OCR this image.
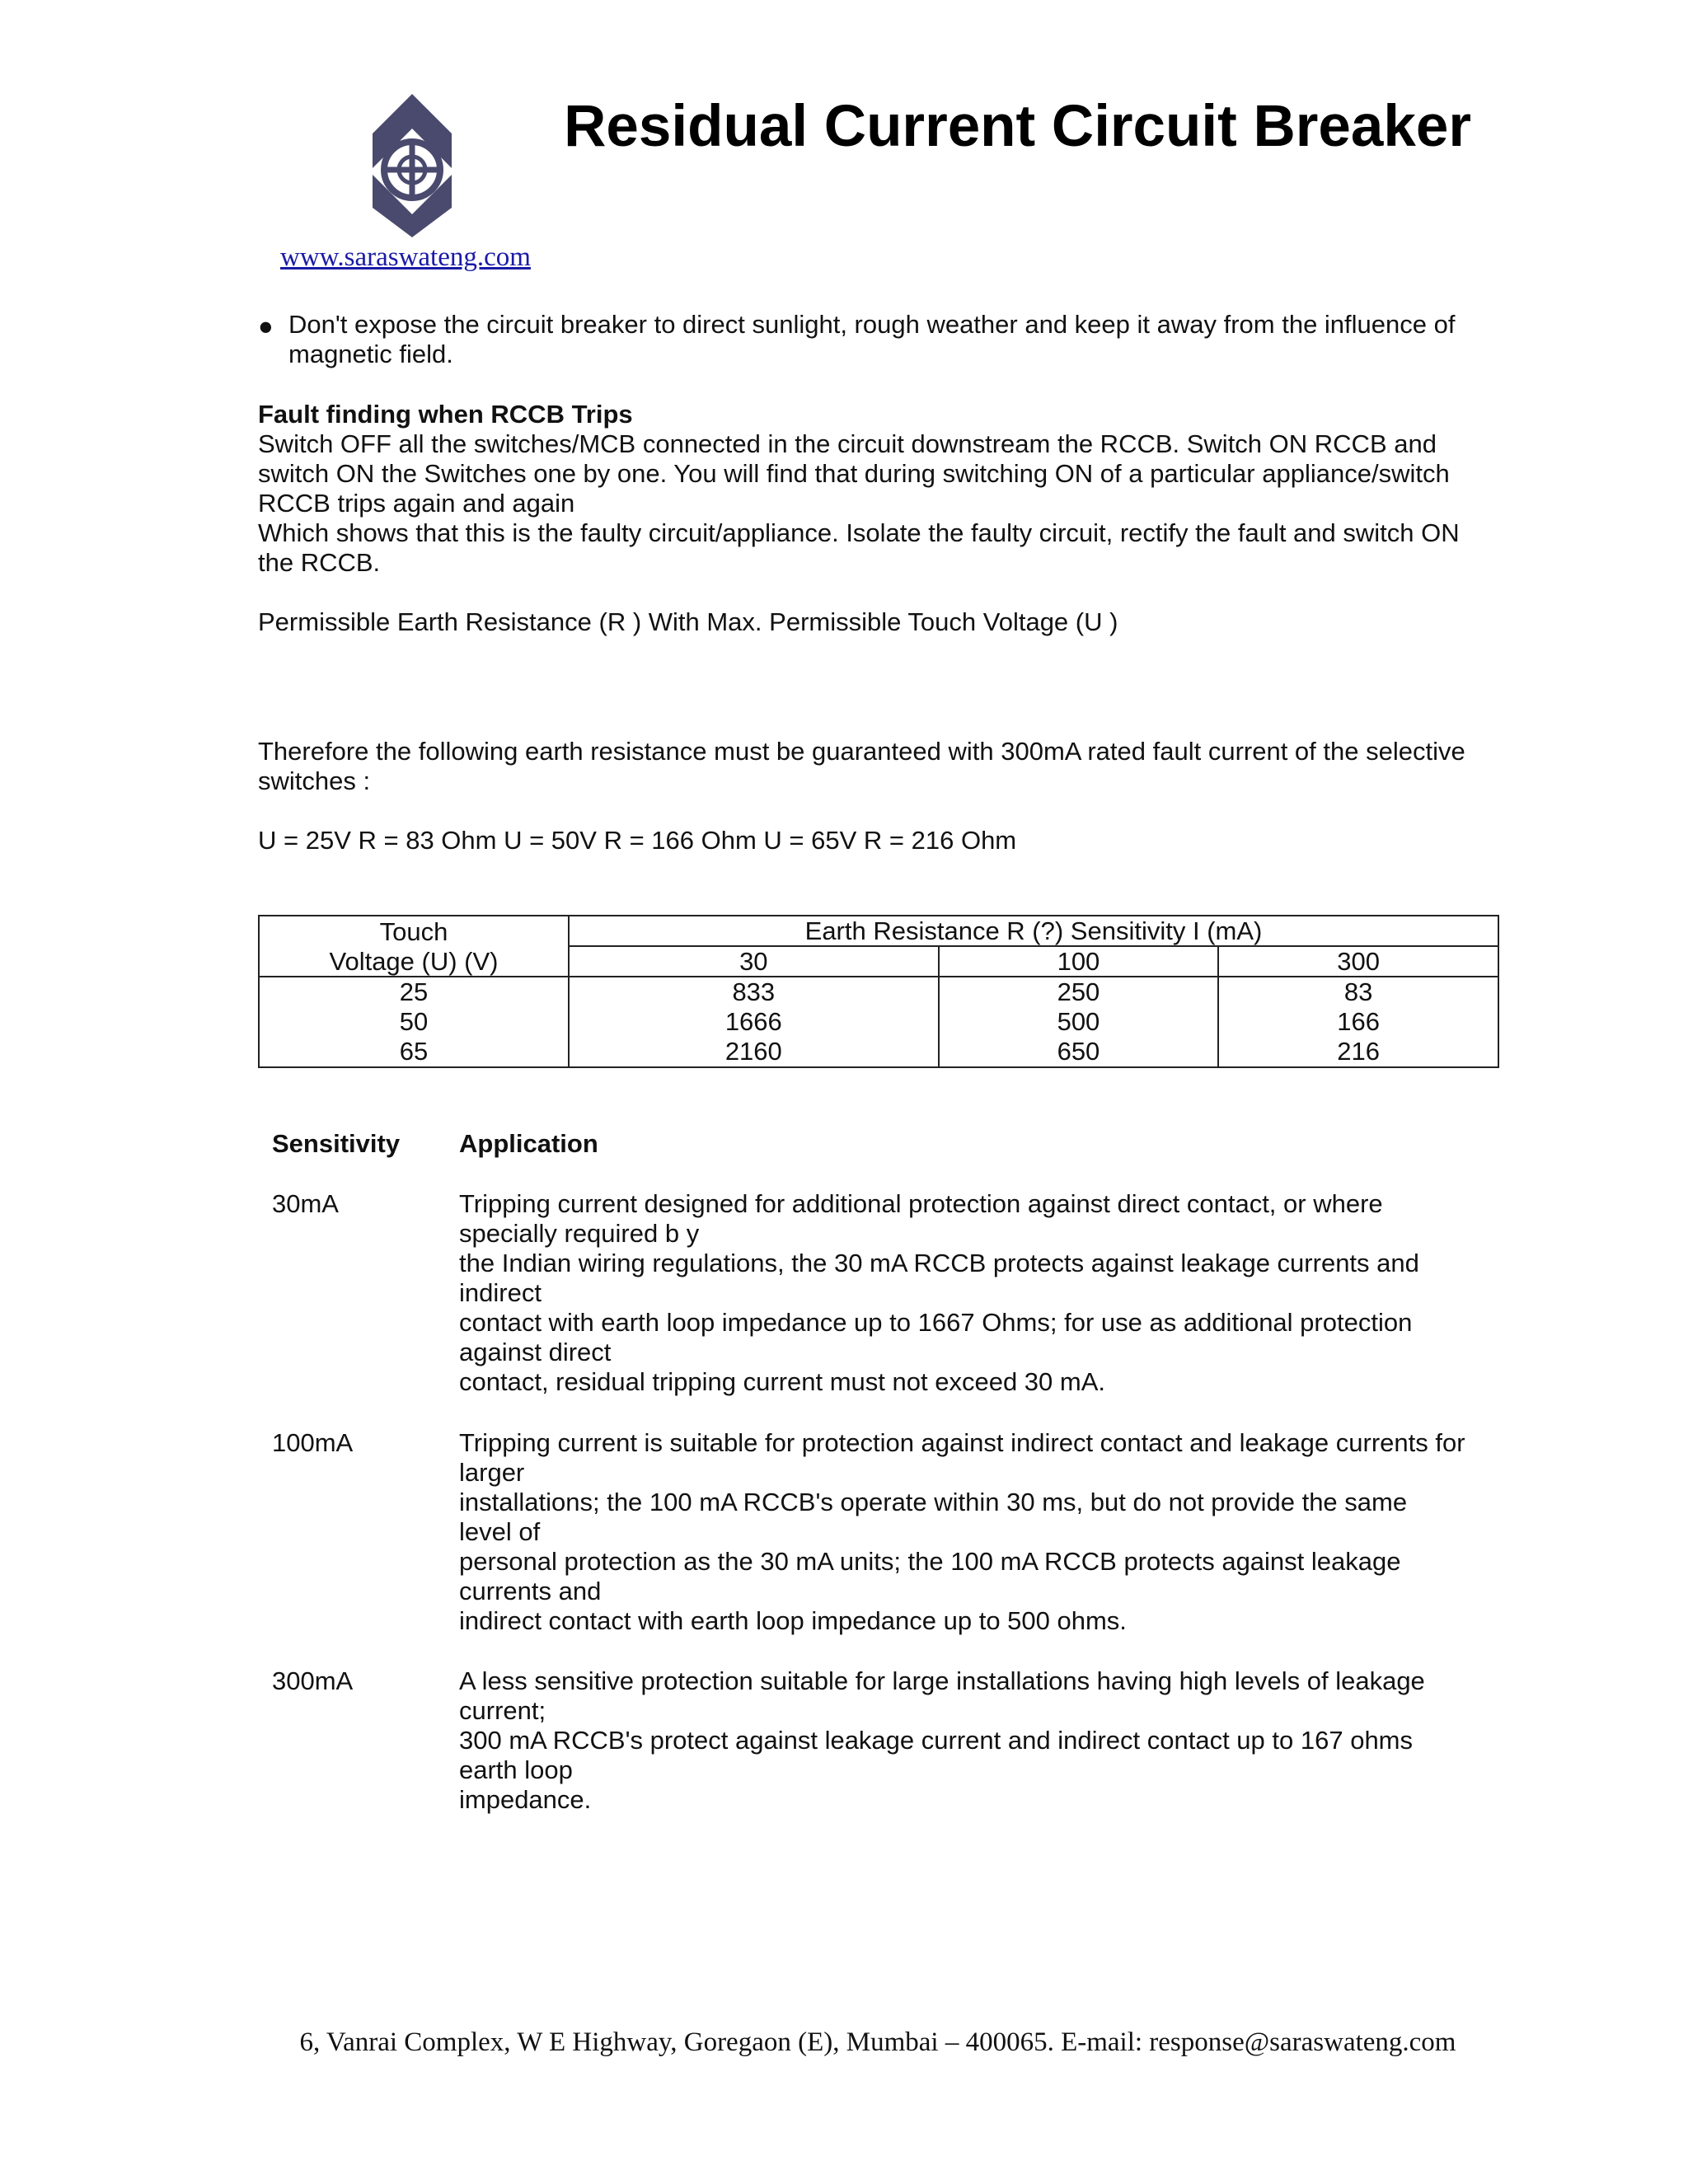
Residual Current Circuit Breaker
www.saraswateng.com
● Don't expose the circuit breaker to direct sunlight, rough weather and keep it away from the influence of
magnetic field.
Fault finding when RCCB Trips
Switch OFF all the switches/MCB connected in the circuit downstream the RCCB. Switch ON RCCB and
switch ON the Switches one by one. You will find that during switching ON of a particular appliance/switch
RCCB trips again and again
Which shows that this is the faulty circuit/appliance. Isolate the faulty circuit, rectify the fault and switch ON
the RCCB.
Permissible Earth Resistance (R ) With Max. Permissible Touch Voltage (U )
Therefore the following earth resistance must be guaranteed with 300mA rated fault current of the selective
switches :
U = 25V R = 83 Ohm U = 50V R = 166 Ohm U = 65V R = 216 Ohm
Touch	Earth Resistance R (?) Sensitivity I (mA)		
Voltage (U) (V)	30	100	300
25	833	250	83
50	1666	500	166
65	2160	650	216
Sensitivity Application
30mA	Tripping current designed for additional protection against direct contact, or where
specially required b y
the Indian wiring regulations, the 30 mA RCCB protects against leakage currents and
indirect
contact with earth loop impedance up to 1667 Ohms; for use as additional protection
against direct
contact, residual tripping current must not exceed 30 mA.
100mA	Tripping current is suitable for protection against indirect contact and leakage currents for
larger
installations; the 100 mA RCCB's operate within 30 ms, but do not provide the same
level of
personal protection as the 30 mA units; the 100 mA RCCB protects against leakage
currents and
indirect contact with earth loop impedance up to 500 ohms.
300mA	A less sensitive protection suitable for large installations having high levels of leakage
current;
300 mA RCCB's protect against leakage current and indirect contact up to 167 ohms
earth loop
impedance.
6, Vanrai Complex, W E Highway, Goregaon (E), Mumbai – 400065. E-mail: response@saraswateng.com
